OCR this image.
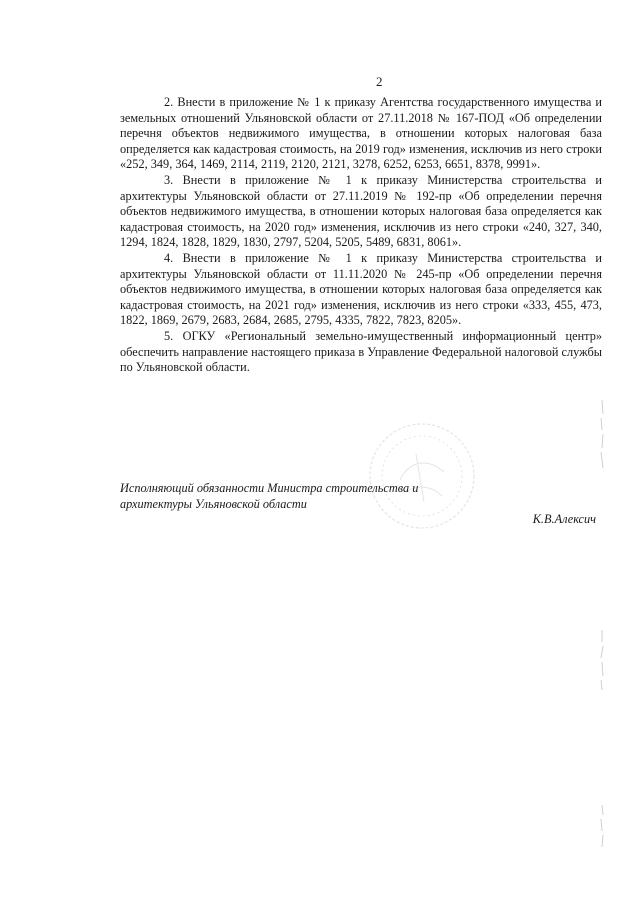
2

2. Внести в приложение № 1 к приказу Агентства государственного имущества и земельных отношений Ульяновской области от 27.11.2018 № 167-ПОД «Об определении перечня объектов недвижимого имущества, в отношении которых налоговая база определяется как кадастровая стоимость, на 2019 год» изменения, исключив из него строки «252, 349, 364, 1469, 2114, 2119, 2120, 2121, 3278, 6252, 6253, 6651, 8378, 9991».

3. Внести в приложение № 1 к приказу Министерства строительства и архитектуры Ульяновской области от 27.11.2019 № 192-пр «Об определении перечня объектов недвижимого имущества, в отношении которых налоговая база определяется как кадастровая стоимость, на 2020 год» изменения, исключив из него строки «240, 327, 340, 1294, 1824, 1828, 1829, 1830, 2797, 5204, 5205, 5489, 6831, 8061».

4. Внести в приложение № 1 к приказу Министерства строительства и архитектуры Ульяновской области от 11.11.2020 № 245-пр «Об определении перечня объектов недвижимого имущества, в отношении которых налоговая база определяется как кадастровая стоимость, на 2021 год» изменения, исключив из него строки «333, 455, 473, 1822, 1869, 2679, 2683, 2684, 2685, 2795, 4335, 7822, 7823, 8205».

5. ОГКУ «Региональный земельно-имущественный информационный центр» обеспечить направление настоящего приказа в Управление Федеральной налоговой службы по Ульяновской области.

Исполняющий обязанности Министра строительства и архитектуры Ульяновской области
К.В.Алексич
